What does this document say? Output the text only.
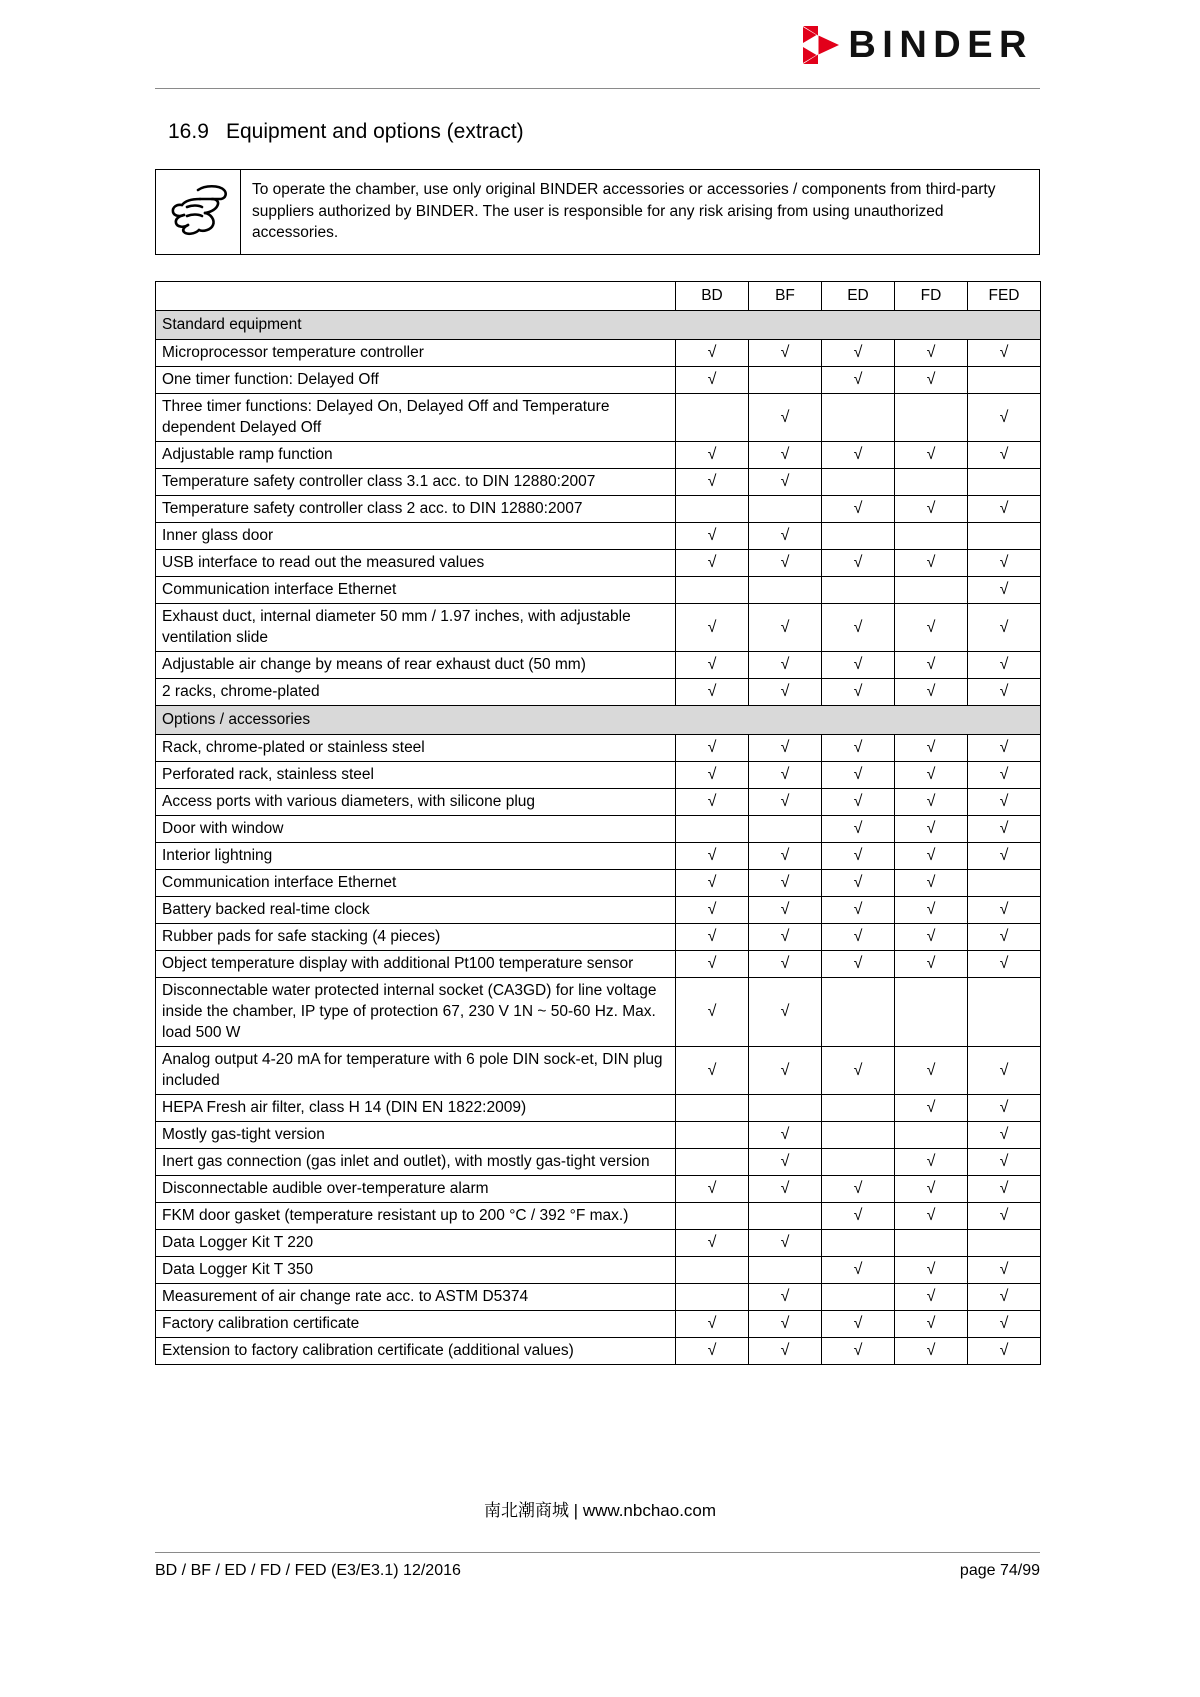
BINDER
16.9 Equipment and options (extract)

To operate the chamber, use only original BINDER accessories or accessories / components from third-party suppliers authorized by BINDER. The user is responsible for any risk arising from using unauthorized accessories.

	BD	BF	ED	FD	FED
Standard equipment					
Microprocessor temperature controller	√	√	√	√	√
One timer function: Delayed Off	√		√	√	
Three timer functions: Delayed On, Delayed Off and Temperature dependent Delayed Off		√			√
Adjustable ramp function	√	√	√	√	√
Temperature safety controller class 3.1 acc. to DIN 12880:2007	√	√			
Temperature safety controller class 2 acc. to DIN 12880:2007			√	√	√
Inner glass door	√	√			
USB interface to read out the measured values	√	√	√	√	√
Communication interface Ethernet					√
Exhaust duct, internal diameter 50 mm / 1.97 inches, with adjustable ventilation slide	√	√	√	√	√
Adjustable air change by means of rear exhaust duct (50 mm)	√	√	√	√	√
2 racks, chrome-plated	√	√	√	√	√
Options / accessories					
Rack, chrome-plated or stainless steel	√	√	√	√	√
Perforated rack, stainless steel	√	√	√	√	√
Access ports with various diameters, with silicone plug	√	√	√	√	√
Door with window			√	√	√
Interior lightning	√	√	√	√	√
Communication interface Ethernet	√	√	√	√	
Battery backed real-time clock	√	√	√	√	√
Rubber pads for safe stacking (4 pieces)	√	√	√	√	√
Object temperature display with additional Pt100 temperature sensor	√	√	√	√	√
Disconnectable water protected internal socket (CA3GD) for line voltage inside the chamber, IP type of protection 67, 230 V 1N ~ 50-60 Hz. Max. load 500 W	√	√			
Analog output 4-20 mA for temperature with 6 pole DIN sock-et, DIN plug included	√	√	√	√	√
HEPA Fresh air filter, class H 14 (DIN EN 1822:2009)				√	√
Mostly gas-tight version		√			√
Inert gas connection (gas inlet and outlet), with mostly gas-tight version		√		√	√
Disconnectable audible over-temperature alarm	√	√	√	√	√
FKM door gasket (temperature resistant up to 200 °C / 392 °F max.)			√	√	√
Data Logger Kit T 220	√	√			
Data Logger Kit T 350			√	√	√
Measurement of air change rate acc. to ASTM D5374		√		√	√
Factory calibration certificate	√	√	√	√	√
Extension to factory calibration certificate (additional values)	√	√	√	√	√
南北潮商城 | www.nbchao.com
BD / BF / ED / FD / FED (E3/E3.1) 12/2016	page 74/99
